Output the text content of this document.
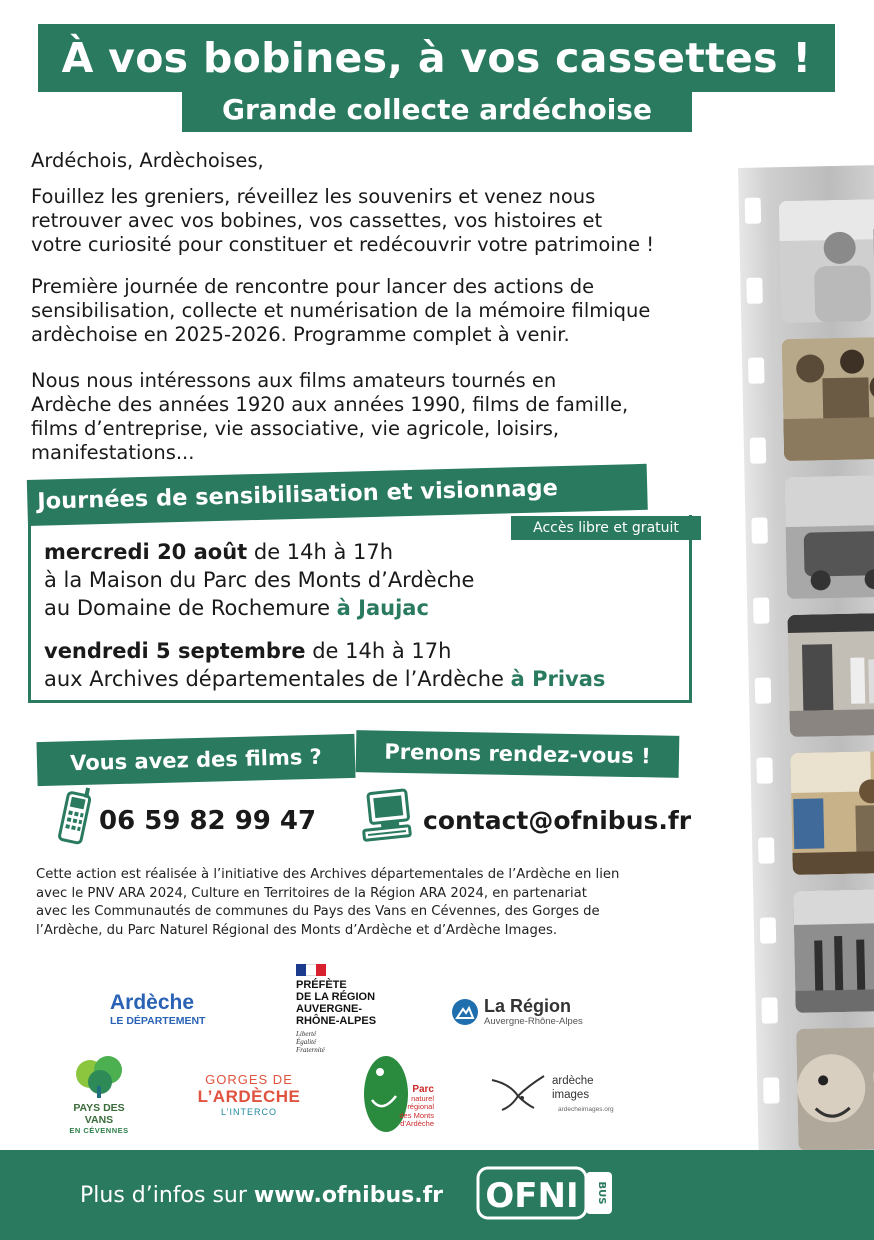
À vos bobines, à vos cassettes !
Grande collecte ardéchoise
Ardéchois, Ardèchoises,
Fouillez les greniers, réveillez les souvenirs et venez nous
retrouver avec vos bobines, vos cassettes, vos histoires et
votre curiosité pour constituer et redécouvrir votre patrimoine !
Première journée de rencontre pour lancer des actions de
sensibilisation, collecte et numérisation de la mémoire filmique
ardèchoise en 2025-2026. Programme complet à venir.
Nous nous intéressons aux films amateurs tournés en
Ardèche des années 1920 aux années 1990, films de famille,
films d’entreprise, vie associative, vie agricole, loisirs,
manifestations...
Journées de sensibilisation et visionnage
Accès libre et gratuit
mercredi 20 août de 14h à 17h
à la Maison du Parc des Monts d’Ardèche
au Domaine de Rochemure à Jaujac
vendredi 5 septembre de 14h à 17h
aux Archives départementales de l’Ardèche à Privas
Vous avez des films ?	Prenons rendez-vous !
06 59 82 99 47	contact@ofnibus.fr
Cette action est réalisée à l’initiative des Archives départementales de l’Ardèche en lien
avec le PNV ARA 2024, Culture en Territoires de la Région ARA 2024, en partenariat
avec les Communautés de communes du Pays des Vans en Cévennes, des Gorges de
l’Ardèche, du Parc Naturel Régional des Monts d’Ardèche et d’Ardèche Images.
Ardèche
LE DÉPARTEMENT
PRÉFÈTE
DE LA RÉGION
AUVERGNE-
RHÔNE-ALPES
Liberté
Égalité
Fraternité
La Région
Auvergne-Rhône-Alpes
PAYS DES VANS
EN CÉVENNES
GORGES DE
L’ARDÈCHE
L’INTERCO
Parc
naturel
régional
des Monts d’Ardèche
ardèche
images
ardecheimages.org
Plus d’infos sur www.ofnibus.fr OFNI BUS
